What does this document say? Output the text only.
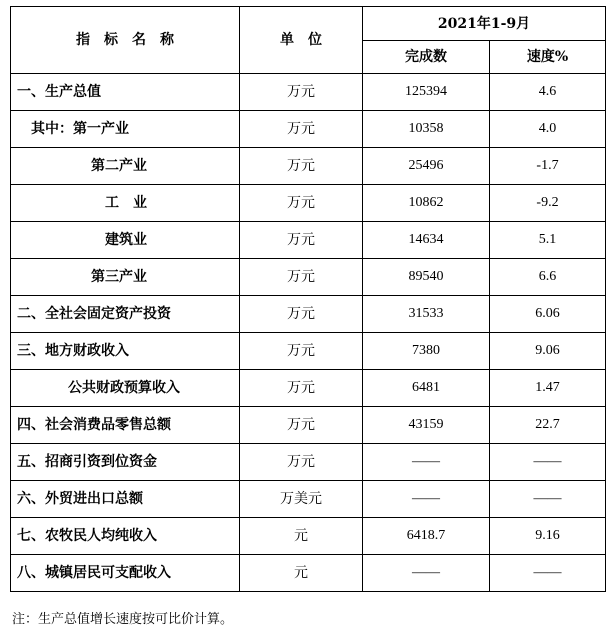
指　标　名　称	单　位	2021年1-9月	
		完成数	速度%
一、生产总值	万元	125394	4.6
其中：第一产业	万元	10358	4.0
第二产业	万元	25496	-1.7
工　业	万元	10862	-9.2
建筑业	万元	14634	5.1
第三产业	万元	89540	6.6
二、全社会固定资产投资	万元	31533	6.06
三、地方财政收入	万元	7380	9.06
公共财政预算收入	万元	6481	1.47
四、社会消费品零售总额	万元	43159	22.7
五、招商引资到位资金	万元	——	——
六、外贸进出口总额	万美元	——	——
七、农牧民人均纯收入	元	6418.7	9.16
八、城镇居民可支配收入	元	——	——
注：生产总值增长速度按可比价计算。
